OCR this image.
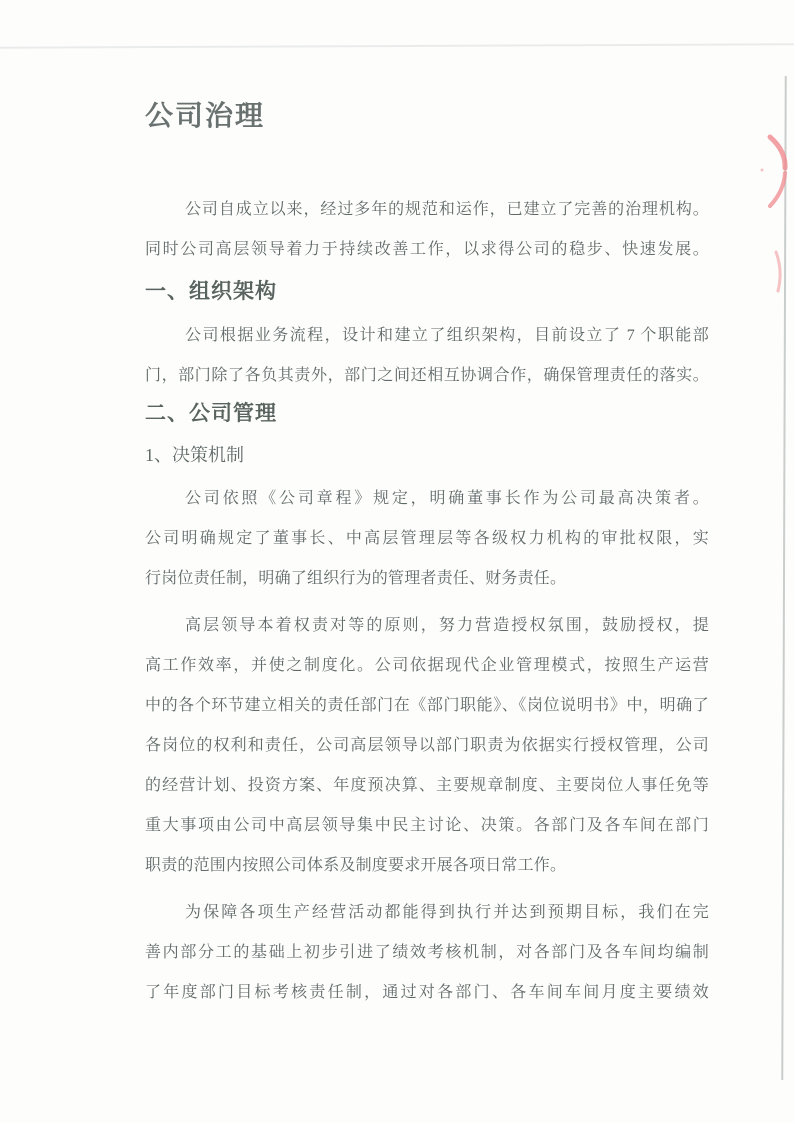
公司治理
公司自成立以来，经过多年的规范和运作，已建立了完善的治理机构。
同时公司高层领导着力于持续改善工作，以求得公司的稳步、快速发展。
一、组织架构
公司根据业务流程，设计和建立了组织架构，目前设立了 7 个职能部
门，部门除了各负其责外，部门之间还相互协调合作，确保管理责任的落实。
二、公司管理
1、决策机制
公司依照《公司章程》规定，明确董事长作为公司最高决策者。
公司明确规定了董事长、中高层管理层等各级权力机构的审批权限，实
行岗位责任制，明确了组织行为的管理者责任、财务责任。
高层领导本着权责对等的原则，努力营造授权氛围，鼓励授权，提
高工作效率，并使之制度化。公司依据现代企业管理模式，按照生产运营
中的各个环节建立相关的责任部门在《部门职能》、《岗位说明书》中，明确了
各岗位的权利和责任，公司高层领导以部门职责为依据实行授权管理，公司
的经营计划、投资方案、年度预决算、主要规章制度、主要岗位人事任免等
重大事项由公司中高层领导集中民主讨论、决策。各部门及各车间在部门
职责的范围内按照公司体系及制度要求开展各项日常工作。
为保障各项生产经营活动都能得到执行并达到预期目标，我们在完
善内部分工的基础上初步引进了绩效考核机制，对各部门及各车间均编制
了年度部门目标考核责任制，通过对各部门、各车间车间月度主要绩效
